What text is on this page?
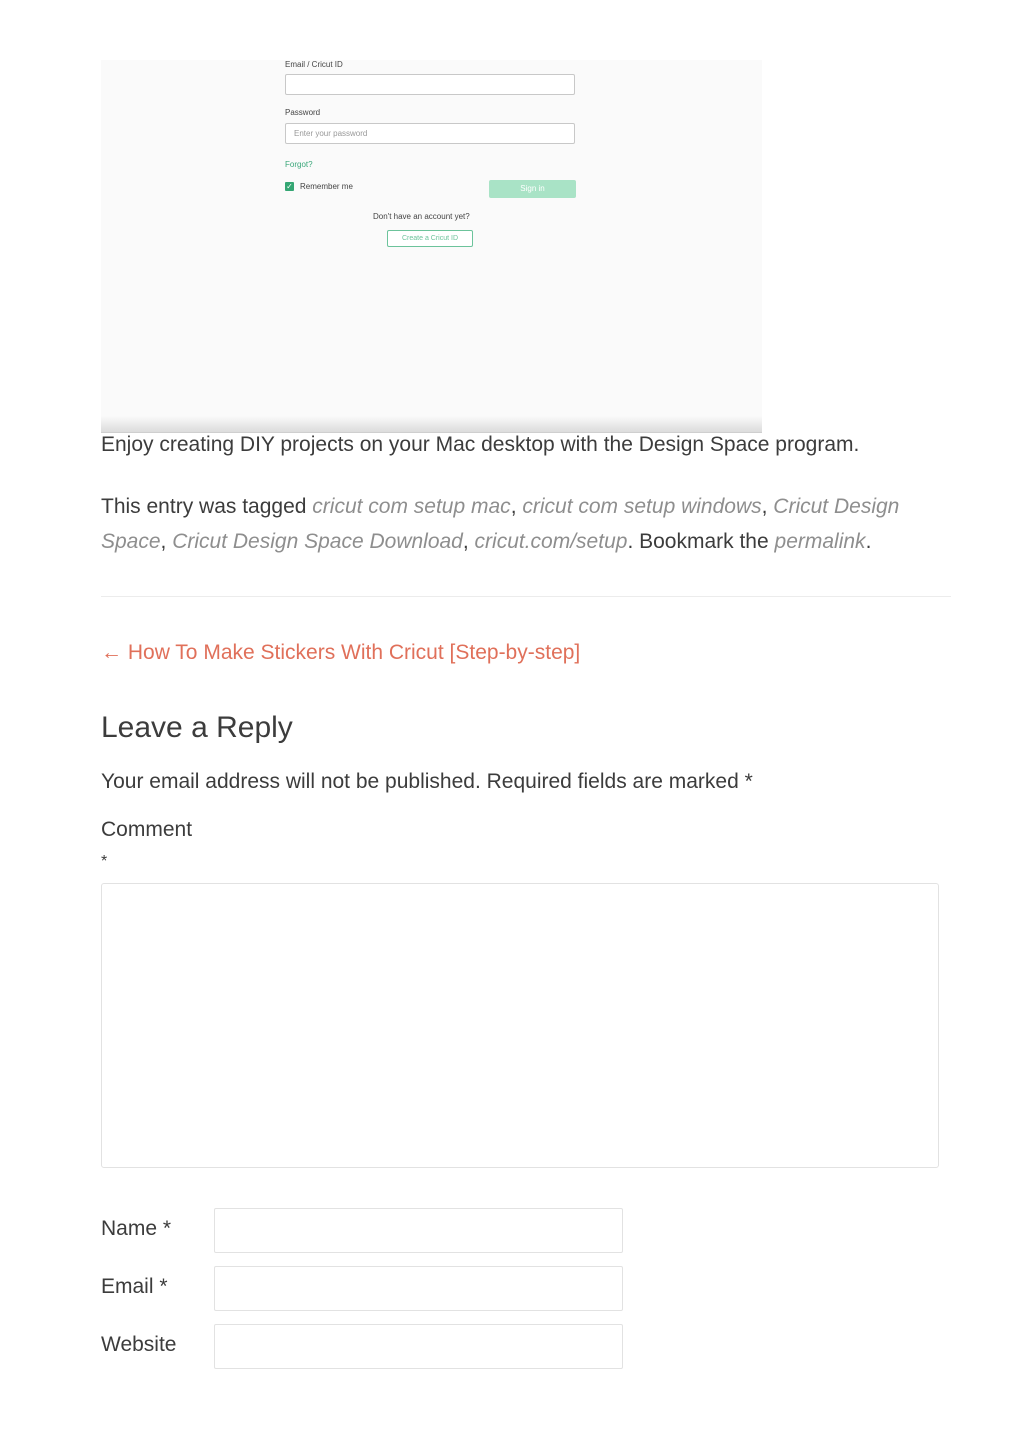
Email / Cricut ID
Password
Enter your password
Forgot?
✓ Remember me	Sign in
Don't have an account yet?
Create a Cricut ID
Enjoy creating DIY projects on your Mac desktop with the Design Space program.
This entry was tagged cricut com setup mac, cricut com setup windows, Cricut Design Space, Cricut Design Space Download, cricut.com/setup. Bookmark the permalink.
← How To Make Stickers With Cricut [Step-by-step]
Leave a Reply
Your email address will not be published. Required fields are marked *
Comment
*
Name *
Email *
Website
